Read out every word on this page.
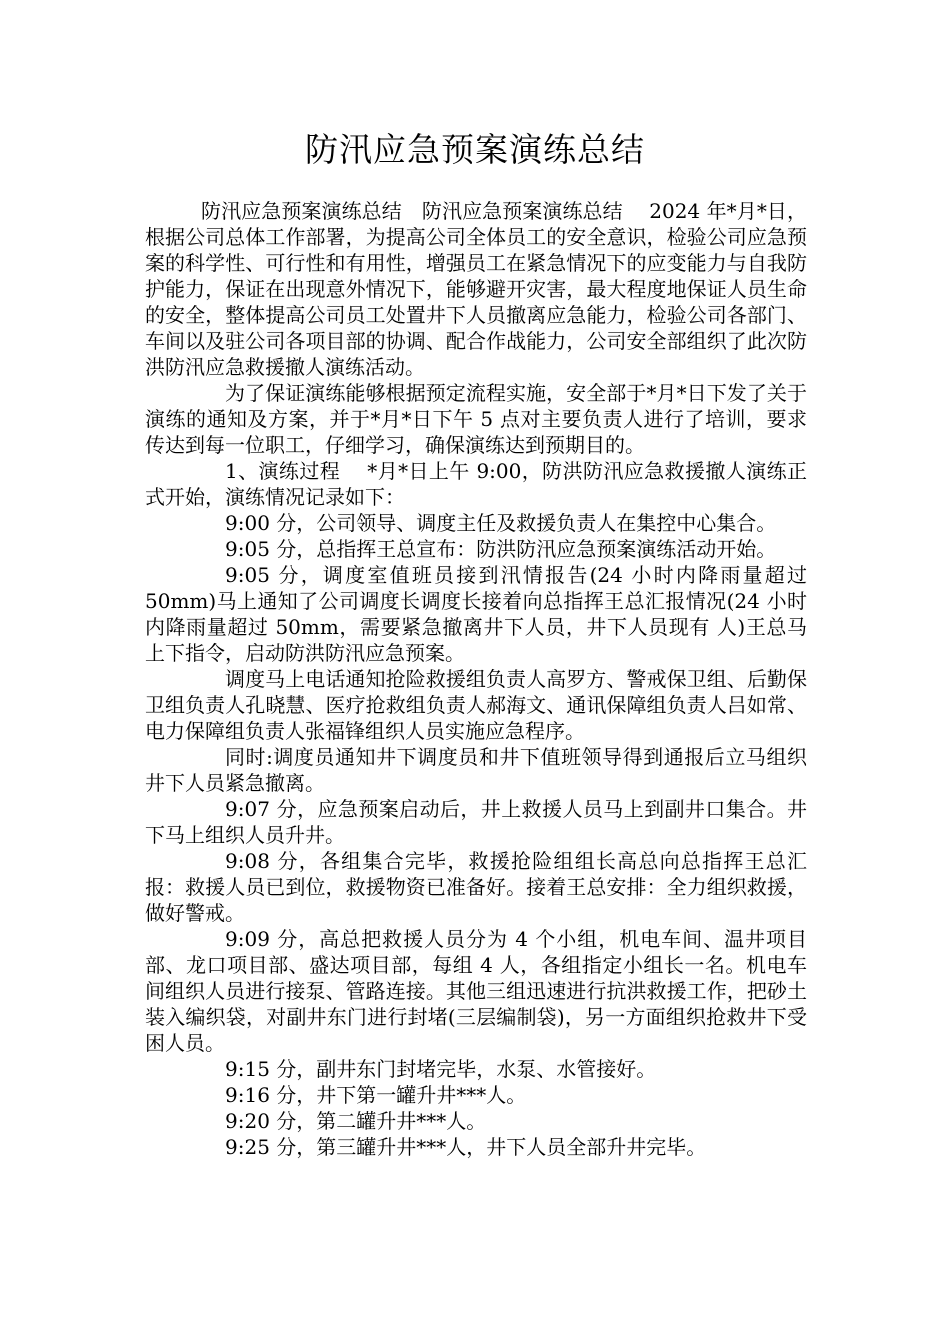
防汛应急预案演练总结

防汛应急预案演练总结　防汛应急预案演练总结　 2024 年*月*日，根据公司总体工作部署，为提高公司全体员工的安全意识，检验公司应急预案的科学性、可行性和有用性，增强员工在紧急情况下的应变能力与自我防护能力，保证在出现意外情况下，能够避开灾害，最大程度地保证人员生命的安全，整体提高公司员工处置井下人员撤离应急能力，检验公司各部门、车间以及驻公司各项目部的协调、配合作战能力，公司安全部组织了此次防洪防汛应急救援撤人演练活动。

为了保证演练能够根据预定流程实施，安全部于*月*日下发了关于演练的通知及方案，并于*月*日下午 5 点对主要负责人进行了培训，要求传达到每一位职工，仔细学习，确保演练达到预期目的。

1、演练过程　 *月*日上午 9:00，防洪防汛应急救援撤人演练正式开始，演练情况记录如下：

9:00 分，公司领导、调度主任及救援负责人在集控中心集合。

9:05 分，总指挥王总宣布：防洪防汛应急预案演练活动开始。

9:05 分，调度室值班员接到汛情报告(24 小时内降雨量超过 50mm)马上通知了公司调度长调度长接着向总指挥王总汇报情况(24 小时内降雨量超过 50mm，需要紧急撤离井下人员，井下人员现有 人)王总马上下指令，启动防洪防汛应急预案。

调度马上电话通知抢险救援组负责人高罗方、警戒保卫组、后勤保卫组负责人孔晓慧、医疗抢救组负责人郝海文、通讯保障组负责人吕如常、电力保障组负责人张福锋组织人员实施应急程序。

同时:调度员通知井下调度员和井下值班领导得到通报后立马组织井下人员紧急撤离。

9:07 分，应急预案启动后，井上救援人员马上到副井口集合。井下马上组织人员升井。

9:08 分，各组集合完毕，救援抢险组组长高总向总指挥王总汇报：救援人员已到位，救援物资已准备好。接着王总安排：全力组织救援，做好警戒。

9:09 分，高总把救援人员分为 4 个小组，机电车间、温井项目部、龙口项目部、盛达项目部，每组 4 人，各组指定小组长一名。机电车间组织人员进行接泵、管路连接。其他三组迅速进行抗洪救援工作，把砂土装入编织袋，对副井东门进行封堵(三层编制袋)，另一方面组织抢救井下受困人员。

9:15 分，副井东门封堵完毕，水泵、水管接好。

9:16 分，井下第一罐升井***人。

9:20 分，第二罐升井***人。

9:25 分，第三罐升井***人，井下人员全部升井完毕。
